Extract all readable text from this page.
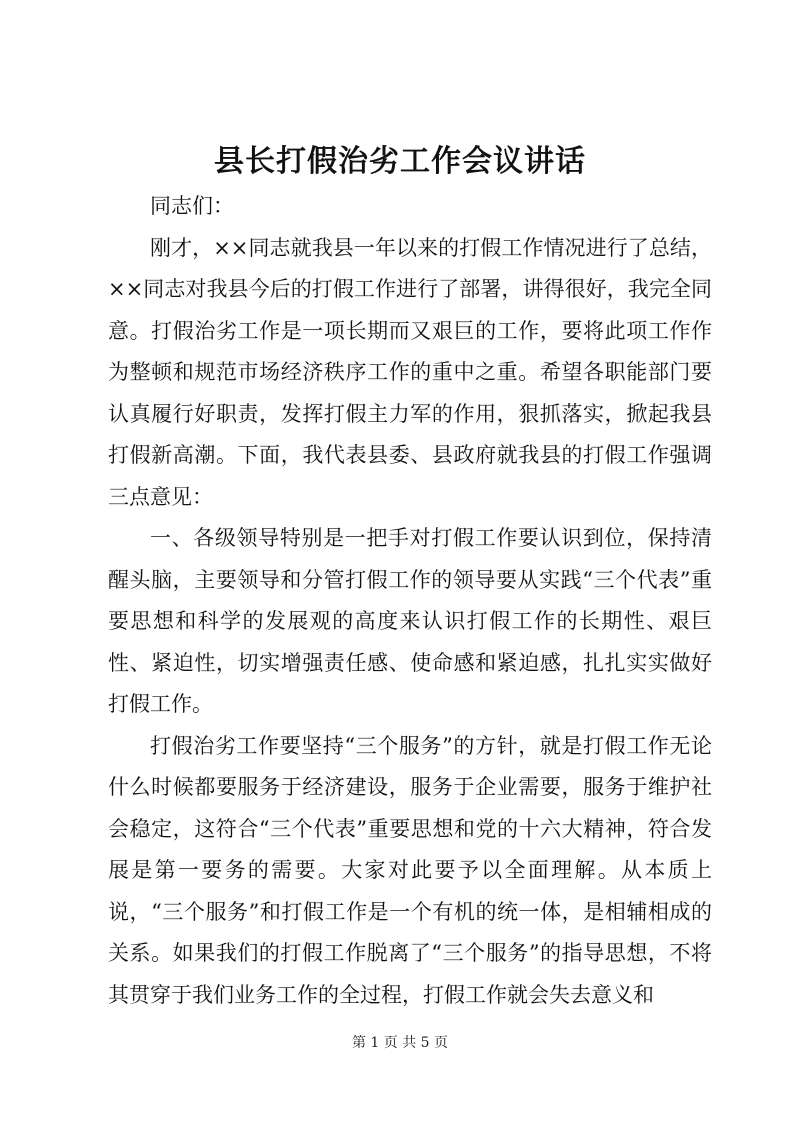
县长打假治劣工作会议讲话

同志们：

刚才，××同志就我县一年以来的打假工作情况进行了总结，××同志对我县今后的打假工作进行了部署，讲得很好，我完全同意。打假治劣工作是一项长期而又艰巨的工作，要将此项工作作为整顿和规范市场经济秩序工作的重中之重。希望各职能部门要认真履行好职责，发挥打假主力军的作用，狠抓落实，掀起我县打假新高潮。下面，我代表县委、县政府就我县的打假工作强调三点意见：

一、各级领导特别是一把手对打假工作要认识到位，保持清醒头脑，主要领导和分管打假工作的领导要从实践“三个代表”重要思想和科学的发展观的高度来认识打假工作的长期性、艰巨性、紧迫性，切实增强责任感、使命感和紧迫感，扎扎实实做好打假工作。

打假治劣工作要坚持“三个服务”的方针，就是打假工作无论什么时候都要服务于经济建设，服务于企业需要，服务于维护社会稳定，这符合“三个代表”重要思想和党的十六大精神，符合发展是第一要务的需要。大家对此要予以全面理解。从本质上说，“三个服务”和打假工作是一个有机的统一体，是相辅相成的关系。如果我们的打假工作脱离了“三个服务”的指导思想，不将其贯穿于我们业务工作的全过程，打假工作就会失去意义和

第 1 页 共 5 页
